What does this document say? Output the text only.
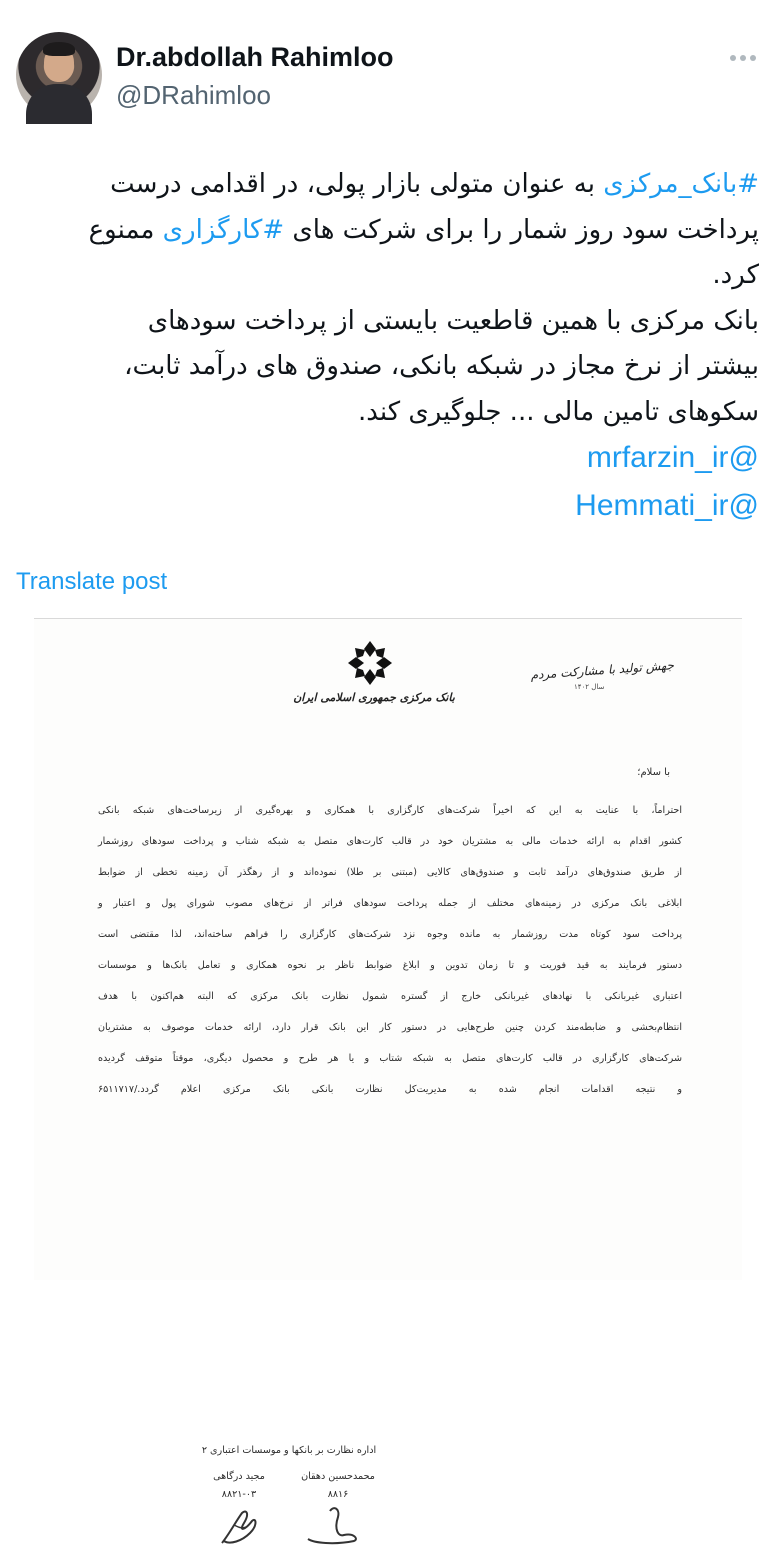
Dr.abdollah Rahimloo
@DRahimloo
#بانک_مرکزی به عنوان متولی بازار پولی، در اقدامی درست
پرداخت سود روز شمار را برای شرکت های #کارگزاری ممنوع
کرد.
بانک مرکزی با همین قاطعیت بایستی از پرداخت سودهای
بیشتر از نرخ مجاز در شبکه بانکی، صندوق های درآمد ثابت،
سکوهای تامین مالی ... جلوگیری کند.
@mrfarzin_ir
@Hemmati_ir
Translate post
بانک مرکزی جمهوری اسلامی ایران
جهش تولید با مشارکت مردم
سال ۱۴۰۲
با سلام؛
احتراماً، با عنایت به این که اخیراً شرکت‌های کارگزاری با همکاری و بهره‌گیری از زیرساخت‌های شبکه بانکی
کشور اقدام به ارائه خدمات مالی به مشتریان خود در قالب کارت‌های متصل به شبکه شتاب و پرداخت سودهای روزشمار
از طریق صندوق‌های درآمد ثابت و صندوق‌های کالایی (مبتنی بر طلا) نموده‌اند و از رهگذر آن زمینه تخطی از ضوابط
ابلاغی بانک مرکزی در زمینه‌های مختلف از جمله پرداخت سودهای فراتر از نرخ‌های مصوب شورای پول و اعتبار و
پرداخت سود کوتاه مدت روزشمار به مانده وجوه نزد شرکت‌های کارگزاری را فراهم ساخته‌اند، لذا مقتضی است
دستور فرمایند به قید فوریت و تا زمان تدوین و ابلاغ ضوابط ناظر بر نحوه همکاری و تعامل بانک‌ها و موسسات
اعتباری غیربانکی با نهادهای غیربانکی خارج از گستره شمول نظارت بانک مرکزی که البته هم‌اکنون با هدف
انتظام‌بخشی و ضابطه‌مند کردن چنین طرح‌هایی در دستور کار این بانک قرار دارد، ارائه خدمات موصوف به مشتریان
شرکت‌های کارگزاری در قالب کارت‌های متصل به شبکه شتاب و یا هر طرح و محصول دیگری، موقتاً متوقف گردیده
و نتیجه اقدامات انجام شده به مدیریت‌کل نظارت بانکی بانک مرکزی اعلام گردد./۶۵۱۱۷۱۷
اداره نظارت بر بانکها و موسسات اعتباری ۲
محمدحسین دهقان
۸۸۱۶
مجید درگاهی
۸۸۲۱-۰۳
